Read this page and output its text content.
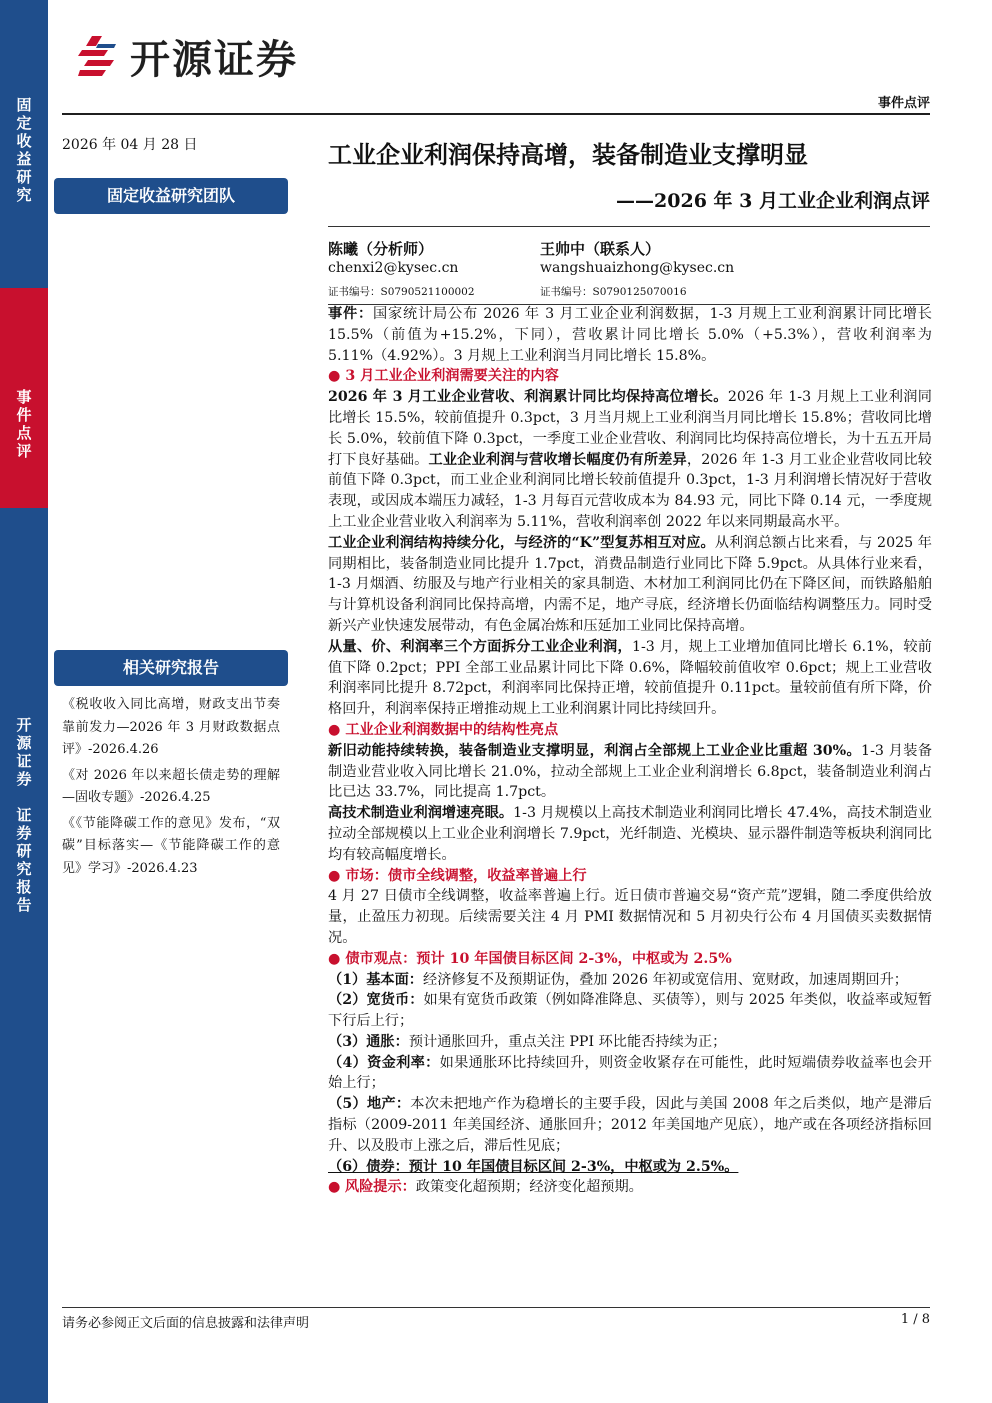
固
定
收
益
研
究
事
件
点
评
开
源
证
券

证
券
研
究
报
告
开源证券
事件点评
2026 年 04 月 28 日
固定收益研究团队
工业企业利润保持高增，装备制造业支撑明显
——2026 年 3 月工业企业利润点评
陈曦（分析师）
chenxi2@kysec.cn
证书编号：S0790521100002
王帅中（联系人）
wangshuaizhong@kysec.cn
证书编号：S0790125070016

事件：国家统计局公布 2026 年 3 月工业企业利润数据，1-3 月规上工业利润累计同比增长 15.5%（前值为+15.2%，下同），营收累计同比增长 5.0%（+5.3%），营收利润率为 5.11%（4.92%）。3 月规上工业利润当月同比增长 15.8%。

● 3 月工业企业利润需要关注的内容

2026 年 3 月工业企业营收、利润累计同比均保持高位增长。2026 年 1-3 月规上工业利润同比增长 15.5%，较前值提升 0.3pct，3 月当月规上工业利润当月同比增长 15.8%；营收同比增长 5.0%，较前值下降 0.3pct，一季度工业企业营收、利润同比均保持高位增长，为十五五开局打下良好基础。工业企业利润与营收增长幅度仍有所差异，2026 年 1-3 月工业企业营收同比较前值下降 0.3pct，而工业企业利润同比增长较前值提升 0.3pct，1-3 月利润增长情况好于营收表现，或因成本端压力减轻，1-3 月每百元营收成本为 84.93 元，同比下降 0.14 元，一季度规上工业企业营业收入利润率为 5.11%，营收利润率创 2022 年以来同期最高水平。

工业企业利润结构持续分化，与经济的“K”型复苏相互对应。从利润总额占比来看，与 2025 年同期相比，装备制造业同比提升 1.7pct，消费品制造行业同比下降 5.9pct。从具体行业来看，1-3 月烟酒、纺服及与地产行业相关的家具制造、木材加工利润同比仍在下降区间，而铁路船舶与计算机设备利润同比保持高增，内需不足，地产寻底，经济增长仍面临结构调整压力。同时受新兴产业快速发展带动，有色金属冶炼和压延加工业同比保持高增。

从量、价、利润率三个方面拆分工业企业利润，1-3 月，规上工业增加值同比增长 6.1%，较前值下降 0.2pct；PPI 全部工业品累计同比下降 0.6%，降幅较前值收窄 0.6pct；规上工业营收利润率同比提升 8.72pct，利润率同比保持正增，较前值提升 0.11pct。量较前值有所下降，价格回升，利润率保持正增推动规上工业利润累计同比持续回升。

● 工业企业利润数据中的结构性亮点

新旧动能持续转换，装备制造业支撑明显，利润占全部规上工业企业比重超 30%。1-3 月装备制造业营业收入同比增长 21.0%，拉动全部规上工业企业利润增长 6.8pct，装备制造业利润占比已达 33.7%，同比提高 1.7pct。

高技术制造业利润增速亮眼。1-3 月规模以上高技术制造业利润同比增长 47.4%，高技术制造业拉动全部规模以上工业企业利润增长 7.9pct，光纤制造、光模块、显示器件制造等板块利润同比均有较高幅度增长。

● 市场：债市全线调整，收益率普遍上行

4 月 27 日债市全线调整，收益率普遍上行。近日债市普遍交易“资产荒”逻辑，随二季度供给放量，止盈压力初现。后续需要关注 4 月 PMI 数据情况和 5 月初央行公布 4 月国债买卖数据情况。

● 债市观点：预计 10 年国债目标区间 2-3%，中枢或为 2.5%

（1）基本面：经济修复不及预期证伪，叠加 2026 年初或宽信用、宽财政，加速周期回升；

（2）宽货币：如果有宽货币政策（例如降准降息、买债等），则与 2025 年类似，收益率或短暂下行后上行；

（3）通胀：预计通胀回升，重点关注 PPI 环比能否持续为正；

（4）资金利率：如果通胀环比持续回升，则资金收紧存在可能性，此时短端债券收益率也会开始上行；

（5）地产：本次未把地产作为稳增长的主要手段，因此与美国 2008 年之后类似，地产是滞后指标（2009-2011 年美国经济、通胀回升；2012 年美国地产见底），地产或在各项经济指标回升、以及股市上涨之后，滞后性见底；

（6）债券：预计 10 年国债目标区间 2-3%，中枢或为 2.5%。

● 风险提示：政策变化超预期；经济变化超预期。

相关研究报告

《税收收入同比高增，财政支出节奏靠前发力—2026 年 3 月财政数据点评》-2026.4.26

《对 2026 年以来超长债走势的理解—固收专题》-2026.4.25

《《节能降碳工作的意见》发布，“双碳”目标落实—《节能降碳工作的意见》学习》-2026.4.23

请务必参阅正文后面的信息披露和法律声明	1 / 8
